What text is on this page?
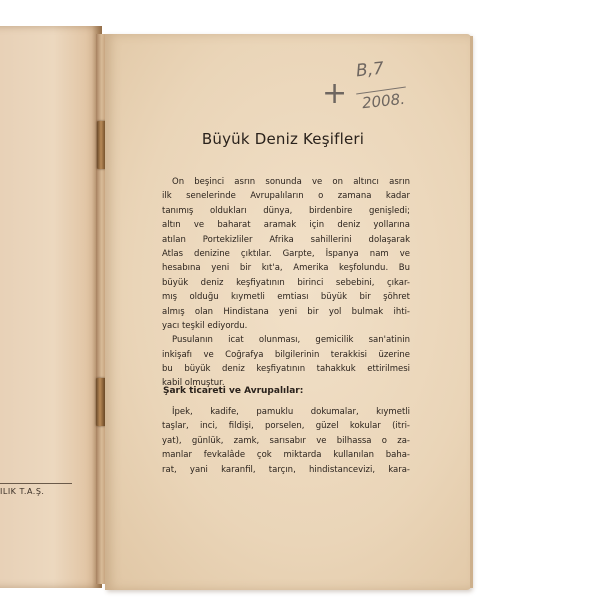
ILIK T.A.Ş.
+
B,7
2008.
Büyük Deniz Keşifleri
On beşinci asrın sonunda ve on altıncı asrın
ilk senelerinde Avrupalıların o zamana kadar
tanımış oldukları dünya, birdenbire genişledi;
altın ve baharat aramak için deniz yollarına
atılan Portekizliler Afrika sahillerini dolaşarak
Atlas denizine çıktılar. Garpte, İspanya nam ve
hesabına yeni bir kıt'a, Amerika keşfolundu. Bu
büyük deniz keşfiyatının birinci sebebini, çıkar-
mış olduğu kıymetli emtiası büyük bir şöhret
almış olan Hindistana yeni bir yol bulmak ihti-
yacı teşkil ediyordu.
Pusulanın icat olunması, gemicilik san'atinin
inkişafı ve Coğrafya bilgilerinin terakkisi üzerine
bu büyük deniz keşfiyatının tahakkuk ettirilmesi
kabil olmuştur.
Şark ticareti ve Avrupalılar:
İpek, kadife, pamuklu dokumalar, kıymetli
taşlar, inci, fildişi, porselen, güzel kokular (itri-
yat), günlük, zamk, sarısabır ve bilhassa o za-
manlar fevkalâde çok miktarda kullanılan baha-
rat, yani karanfil, tarçın, hindistancevizi, kara-
